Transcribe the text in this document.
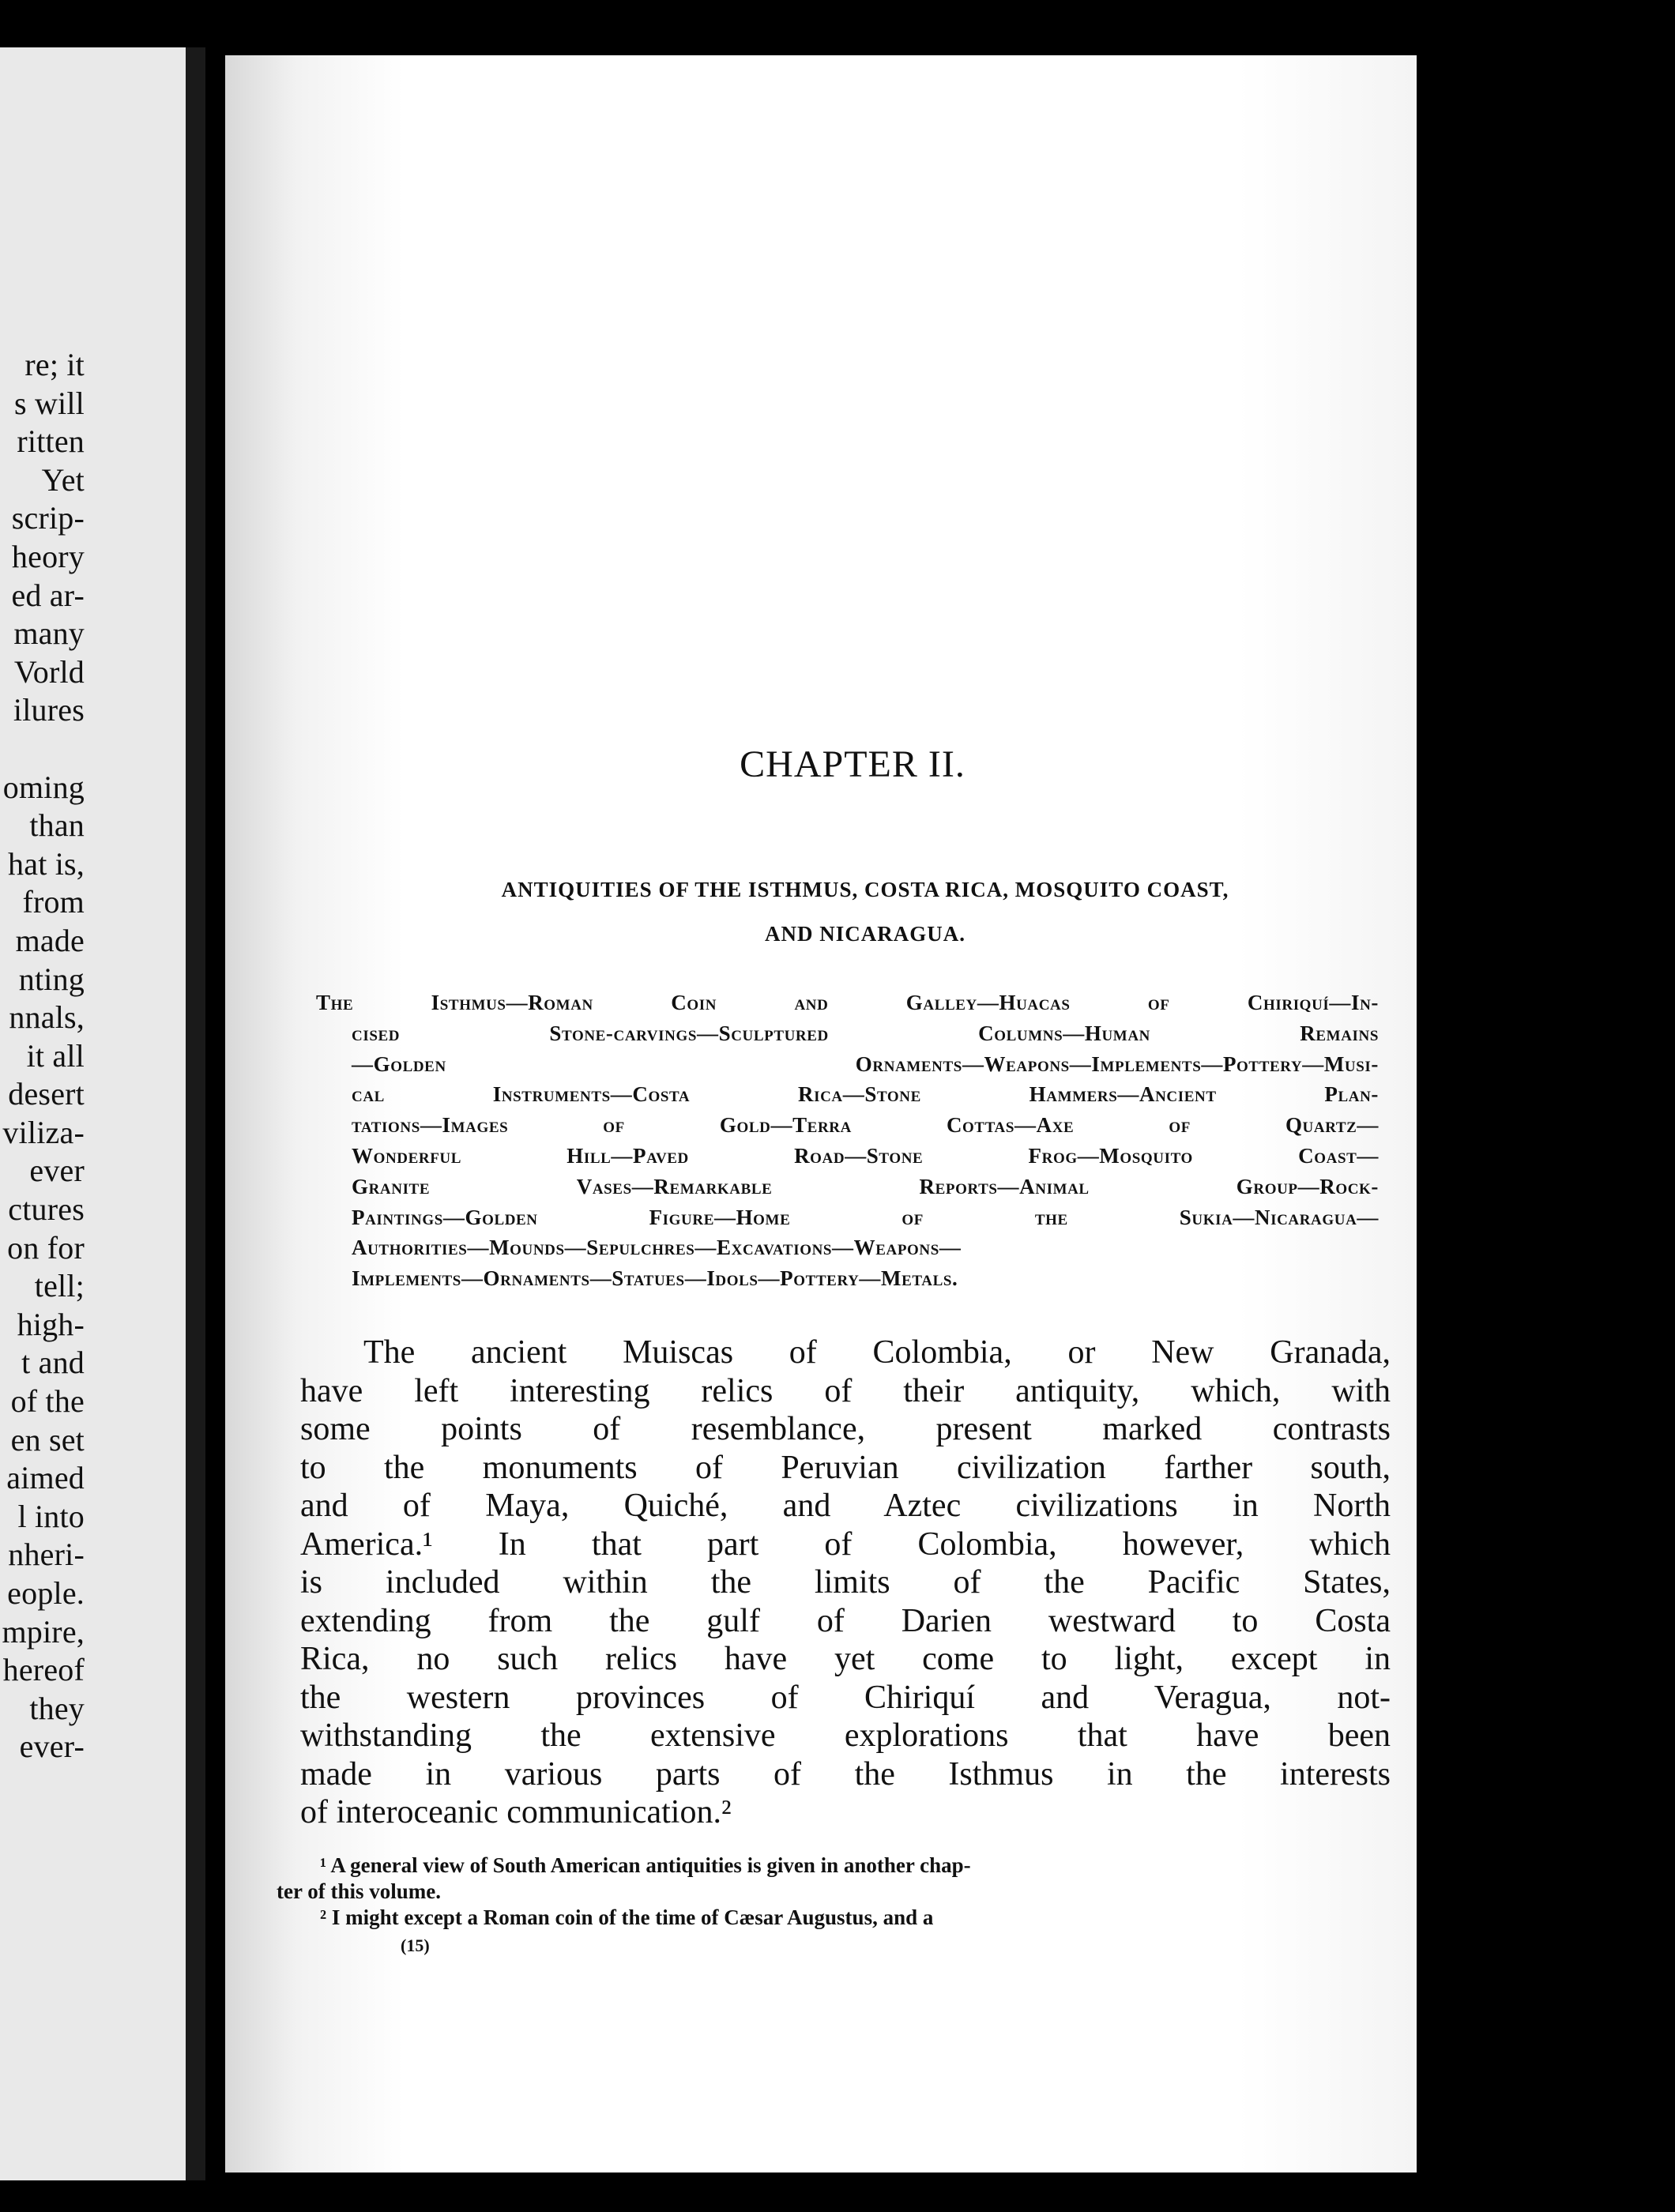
re; it
s will
ritten
Yet
scrip-
heory
ed ar-
many
Vorld
ilures
oming
than
hat is,
from
made
nting
nnals,
it all
desert
viliza-
ever
ctures
on for
tell;
high-
t and
of the
en set
aimed
l into
nheri-
eople.
mpire,
hereof
they
ever-
CHAPTER II.
ANTIQUITIES OF THE ISTHMUS, COSTA RICA, MOSQUITO COAST,
AND NICARAGUA.
The Isthmus—Roman Coin and Galley—Huacas of Chiriquí—In-
cised Stone-carvings—Sculptured Columns—Human Remains
—Golden Ornaments—Weapons—Implements—Pottery—Musi-
cal Instruments—Costa Rica—Stone Hammers—Ancient Plan-
tations—Images of Gold—Terra Cottas—Axe of Quartz—
Wonderful Hill—Paved Road—Stone Frog—Mosquito Coast—
Granite Vases—Remarkable Reports—Animal Group—Rock-
Paintings—Golden Figure—Home of the Sukia—Nicaragua—
Authorities—Mounds—Sepulchres—Excavations—Weapons—
Implements—Ornaments—Statues—Idols—Pottery—Metals.
The ancient Muiscas of Colombia, or New Granada,
have left interesting relics of their antiquity, which, with
some points of resemblance, present marked contrasts
to the monuments of Peruvian civilization farther south,
and of Maya, Quiché, and Aztec civilizations in North
America.¹ In that part of Colombia, however, which
is included within the limits of the Pacific States,
extending from the gulf of Darien westward to Costa
Rica, no such relics have yet come to light, except in
the western provinces of Chiriquí and Veragua, not-
withstanding the extensive explorations that have been
made in various parts of the Isthmus in the interests
of interoceanic communication.²
¹ A general view of South American antiquities is given in another chap-
ter of this volume.
² I might except a Roman coin of the time of Cæsar Augustus, and a
(15)
